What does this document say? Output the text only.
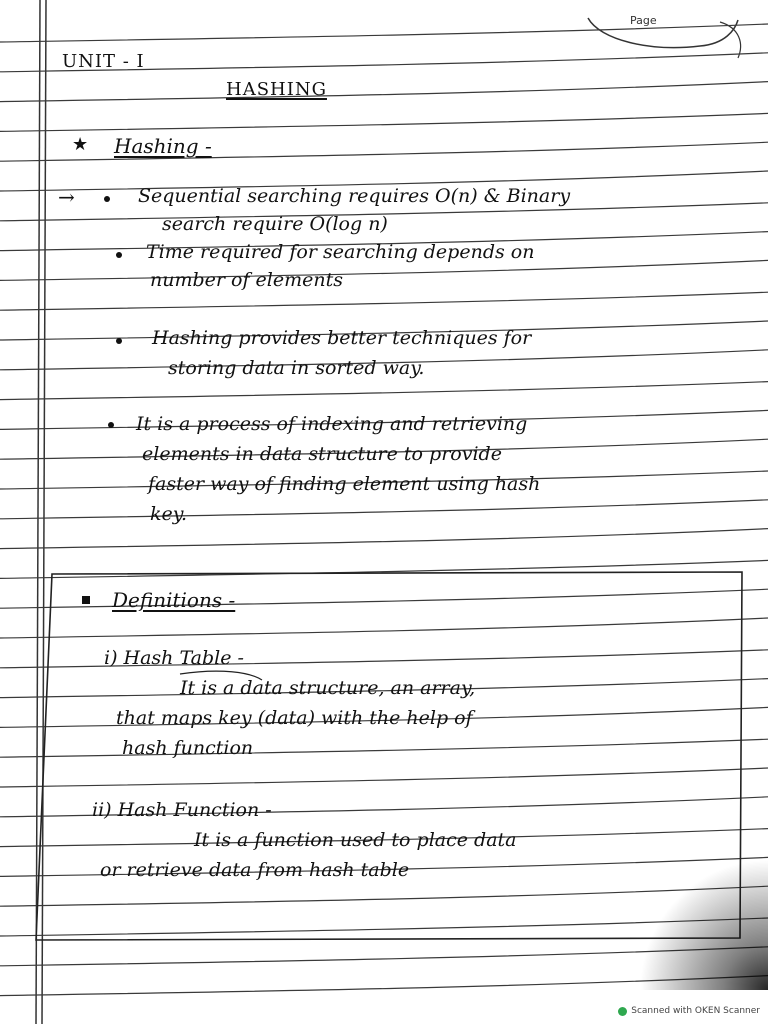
Page
UNIT - I
HASHING
★ Hashing -
→	Sequential searching requires O(n) & Binary
search require O(log n)
Time required for searching depends on
number of elements
Hashing provides better techniques for
storing data in sorted way.
It is a process of indexing and retrieving
elements in data structure to provide
faster way of finding element using hash
key.
Definitions -
i) Hash Table -
It is a data structure, an array,
that maps key (data) with the help of
hash function
ii) Hash Function -
It is a function used to place data
or retrieve data from hash table
Scanned with OKEN Scanner
